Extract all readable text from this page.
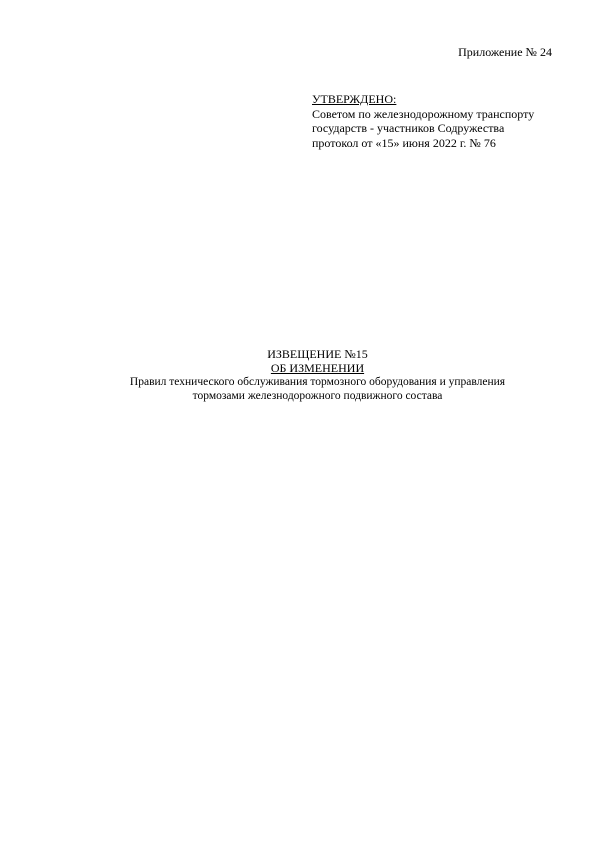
Приложение № 24
УТВЕРЖДЕНО:
Советом по железнодорожному транспорту
государств - участников Содружества
протокол от «15» июня 2022 г. № 76
ИЗВЕЩЕНИЕ №15
ОБ ИЗМЕНЕНИИ
Правил технического обслуживания тормозного оборудования и управления
тормозами железнодорожного подвижного состава
